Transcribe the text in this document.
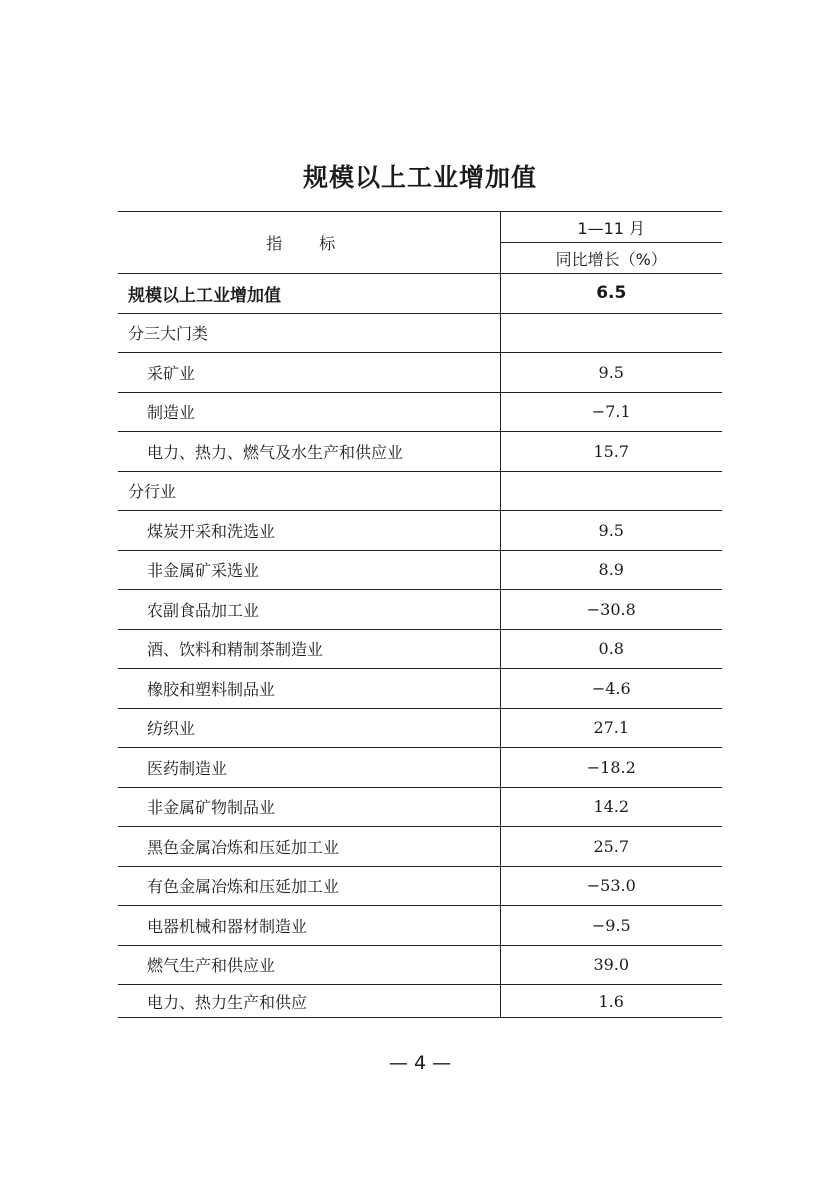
规模以上工业增加值
指 标	1—11 月
	同比增长（%）
规模以上工业增加值	6.5
分三大门类	
采矿业	9.5
制造业	−7.1
电力、热力、燃气及水生产和供应业	15.7
分行业	
煤炭开采和洗选业	9.5
非金属矿采选业	8.9
农副食品加工业	−30.8
酒、饮料和精制茶制造业	0.8
橡胶和塑料制品业	−4.6
纺织业	27.1
医药制造业	−18.2
非金属矿物制品业	14.2
黑色金属冶炼和压延加工业	25.7
有色金属冶炼和压延加工业	−53.0
电器机械和器材制造业	−9.5
燃气生产和供应业	39.0
电力、热力生产和供应	1.6
— 4 —
